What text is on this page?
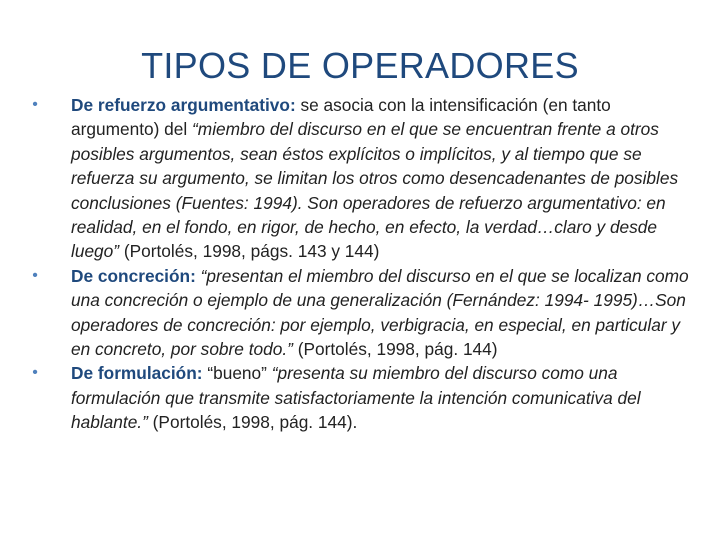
TIPOS DE OPERADORES
• De refuerzo argumentativo: se asocia con la intensificación (en tanto argumento) del “miembro del discurso en el que se encuentran frente a otros posibles argumentos, sean éstos explícitos o implícitos, y al tiempo que se refuerza su argumento, se limitan los otros como desencadenantes de posibles conclusiones (Fuentes: 1994). Son operadores de refuerzo argumentativo: en realidad, en el fondo, en rigor, de hecho, en efecto, la verdad…claro y desde luego” (Portolés, 1998, págs. 143 y 144)
• De concreción: “presentan el miembro del discurso en el que se localizan como una concreción o ejemplo de una generalización (Fernández: 1994- 1995)…Son operadores de concreción: por ejemplo, verbigracia, en especial, en particular y en concreto, por sobre todo.” (Portolés, 1998, pág. 144)
• De formulación: “bueno” “presenta su miembro del discurso como una formulación que transmite satisfactoriamente la intención comunicativa del hablante.” (Portolés, 1998, pág. 144).
